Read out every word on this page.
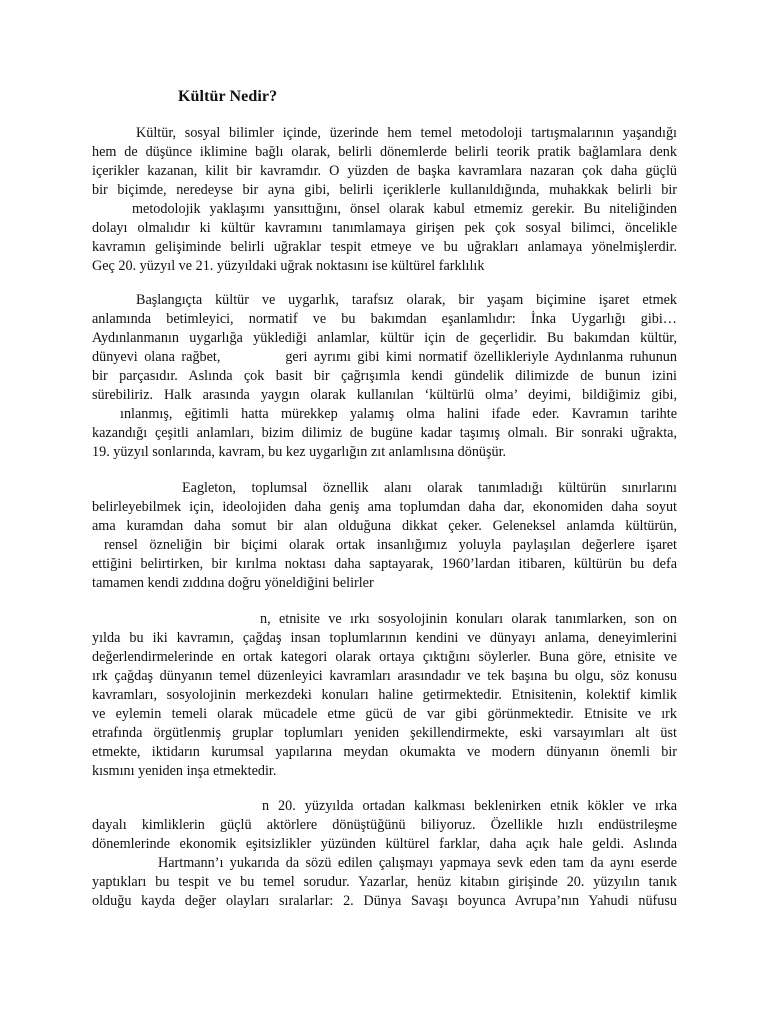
Kültür Nedir?
Kültür, sosyal bilimler içinde, üzerinde hem temel metodoloji tartışmalarının yaşandığı
hem de düşünce iklimine bağlı olarak, belirli dönemlerde belirli teorik pratik bağlamlara denk
içerikler kazanan, kilit bir kavramdır. O yüzden de başka kavramlara nazaran çok daha güçlü
bir biçimde, neredeyse bir ayna gibi, belirli içeriklerle kullanıldığında, muhakkak belirli bir
metodolojik yaklaşımı yansıttığını, önsel olarak kabul etmemiz gerekir. Bu niteliğinden
dolayı olmalıdır ki kültür kavramını tanımlamaya girişen pek çok sosyal bilimci, öncelikle
kavramın gelişiminde belirli uğraklar tespit etmeye ve bu uğrakları anlamaya yönelmişlerdir.
Geç 20. yüzyıl ve 21. yüzyıldaki uğrak noktasını ise kültürel farklılık
Başlangıçta kültür ve uygarlık, tarafsız olarak, bir yaşam biçimine işaret etmek
anlamında betimleyici, normatif ve bu bakımdan eşanlamlıdır: İnka Uygarlığı gibi…
Aydınlanmanın uygarlığa yüklediği anlamlar, kültür için de geçerlidir. Bu bakımdan kültür,
dünyevi olana rağbet,          geri ayrımı gibi kimi normatif özellikleriyle Aydınlanma ruhunun
bir parçasıdır. Aslında çok basit bir çağrışımla kendi gündelik dilimizde de bunun izini
sürebiliriz. Halk arasında yaygın olarak kullanılan ‘kültürlü olma’ deyimi, bildiğimiz gibi,
ınlanmış, eğitimli hatta mürekkep yalamış olma halini ifade eder. Kavramın tarihte
kazandığı çeşitli anlamları, bizim dilimiz de bugüne kadar taşımış olmalı. Bir sonraki uğrakta,
19. yüzyıl sonlarında, kavram, bu kez uygarlığın zıt anlamlısına dönüşür.
Eagleton, toplumsal öznellik alanı olarak tanımladığı kültürün sınırlarını
belirleyebilmek için, ideolojiden daha geniş ama toplumdan daha dar, ekonomiden daha soyut
ama kuramdan daha somut bir alan olduğuna dikkat çeker. Geleneksel anlamda kültürün,
rensel özneliğin bir biçimi olarak ortak insanlığımız yoluyla paylaşılan değerlere işaret
ettiğini belirtirken, bir kırılma noktası daha saptayarak, 1960’lardan itibaren, kültürün bu defa
tamamen kendi zıddına doğru yöneldiğini belirler
n, etnisite ve ırkı sosyolojinin konuları olarak tanımlarken, son on
yılda bu iki kavramın, çağdaş insan toplumlarının kendini ve dünyayı anlama, deneyimlerini
değerlendirmelerinde en ortak kategori olarak ortaya çıktığını söylerler. Buna göre, etnisite ve
ırk çağdaş dünyanın temel düzenleyici kavramları arasındadır ve tek başına bu olgu, söz konusu
kavramları, sosyolojinin merkezdeki konuları haline getirmektedir. Etnisitenin, kolektif kimlik
ve eylemin temeli olarak mücadele etme gücü de var gibi görünmektedir. Etnisite ve ırk
etrafında örgütlenmiş gruplar toplumları yeniden şekillendirmekte, eski varsayımları alt üst
etmekte, iktidarın kurumsal yapılarına meydan okumakta ve modern dünyanın önemli bir
kısmını yeniden inşa etmektedir.
n 20. yüzyılda ortadan kalkması beklenirken etnik kökler ve ırka
dayalı kimliklerin güçlü aktörlere dönüştüğünü biliyoruz. Özellikle hızlı endüstrileşme
dönemlerinde ekonomik eşitsizlikler yüzünden kültürel farklar, daha açık hale geldi. Aslında
Hartmann’ı yukarıda da sözü edilen çalışmayı yapmaya sevk eden tam da aynı eserde
yaptıkları bu tespit ve bu temel sorudur. Yazarlar, henüz kitabın girişinde 20. yüzyılın tanık
olduğu kayda değer olayları sıralarlar: 2. Dünya Savaşı boyunca Avrupa’nın Yahudi nüfusu
